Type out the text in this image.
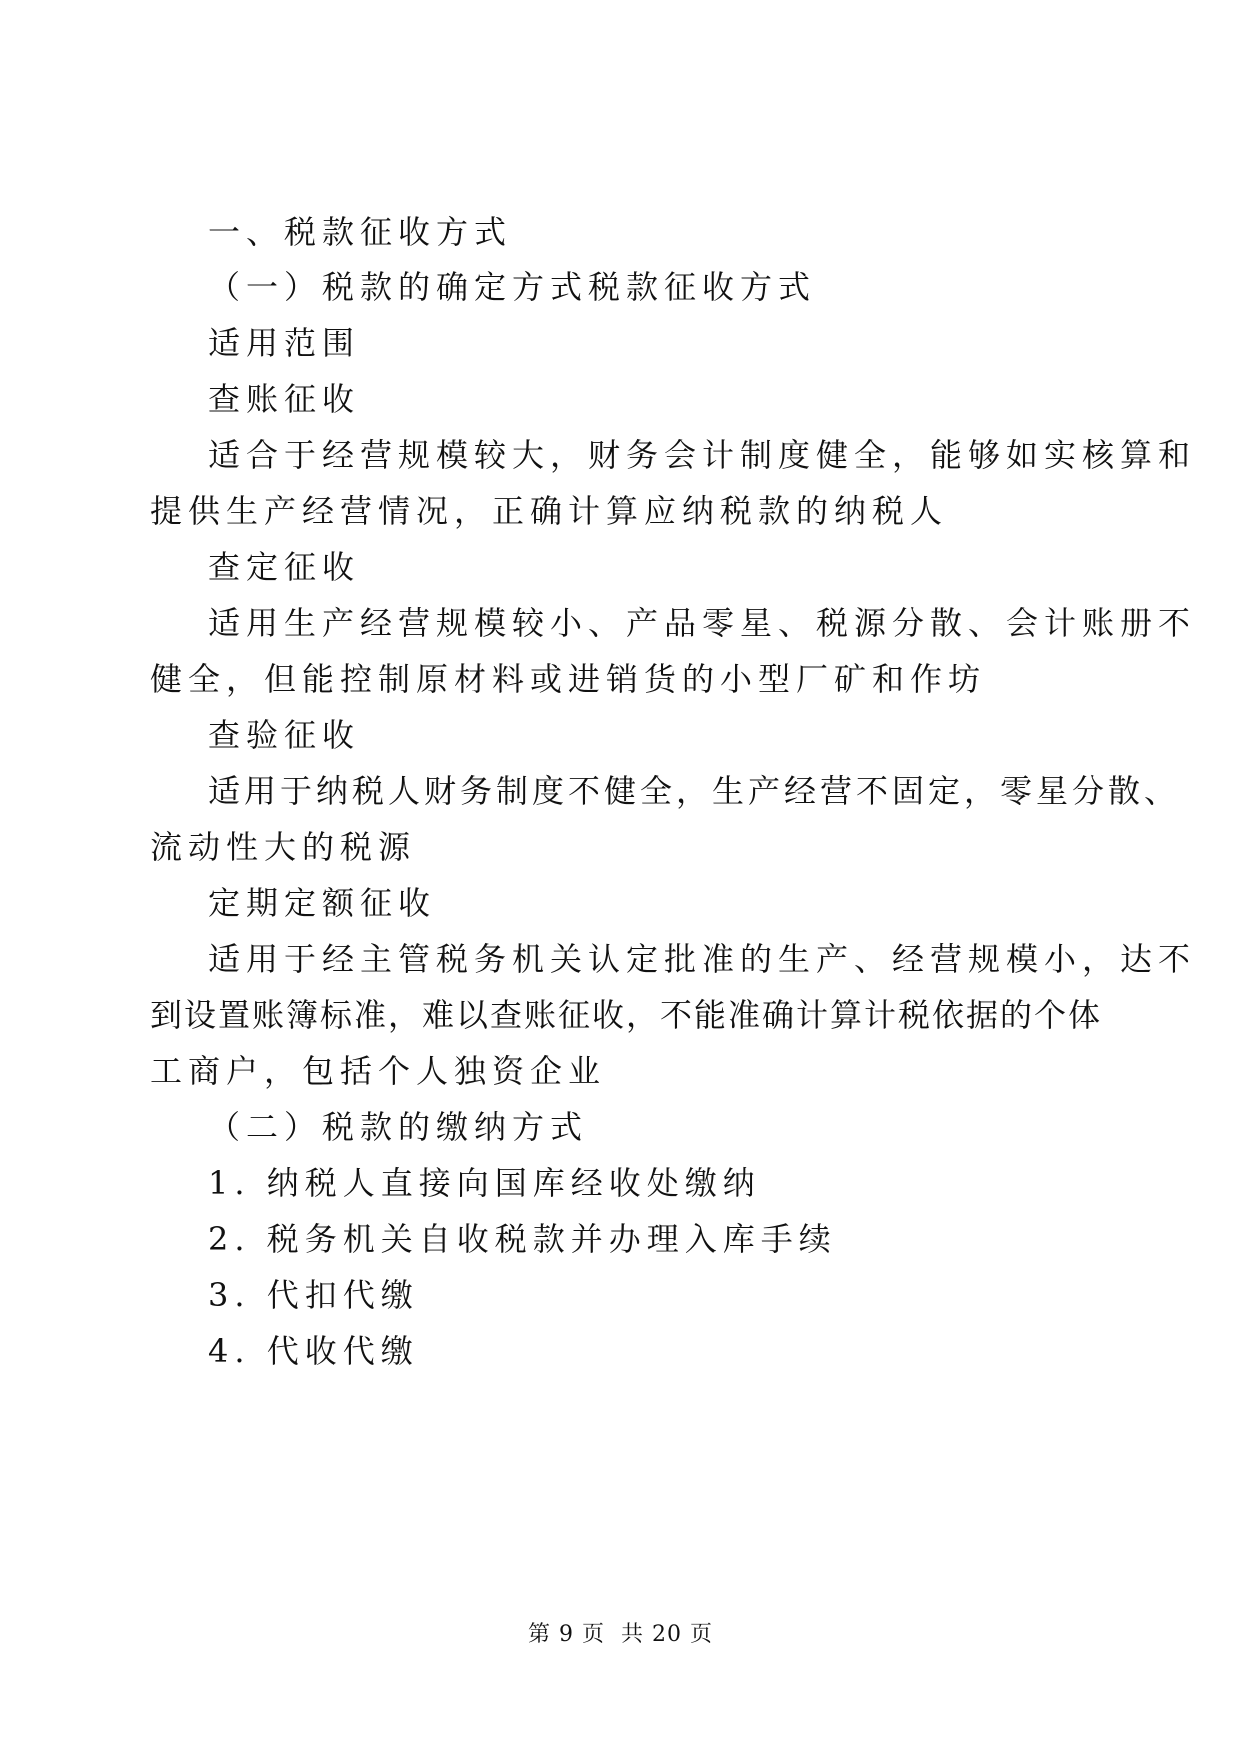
一、税款征收方式
（一）税款的确定方式税款征收方式
适用范围
查账征收
适合于经营规模较大，财务会计制度健全，能够如实核算和
提供生产经营情况，正确计算应纳税款的纳税人
查定征收
适用生产经营规模较小、产品零星、税源分散、会计账册不
健全，但能控制原材料或进销货的小型厂矿和作坊
查验征收
适用于纳税人财务制度不健全，生产经营不固定，零星分散、
流动性大的税源
定期定额征收
适用于经主管税务机关认定批准的生产、经营规模小，达不
到设置账簿标准，难以查账征收，不能准确计算计税依据的个体
工商户，包括个人独资企业
（二）税款的缴纳方式
1. 纳税人直接向国库经收处缴纳
2. 税务机关自收税款并办理入库手续
3. 代扣代缴
4. 代收代缴
第 9 页  共 20 页
